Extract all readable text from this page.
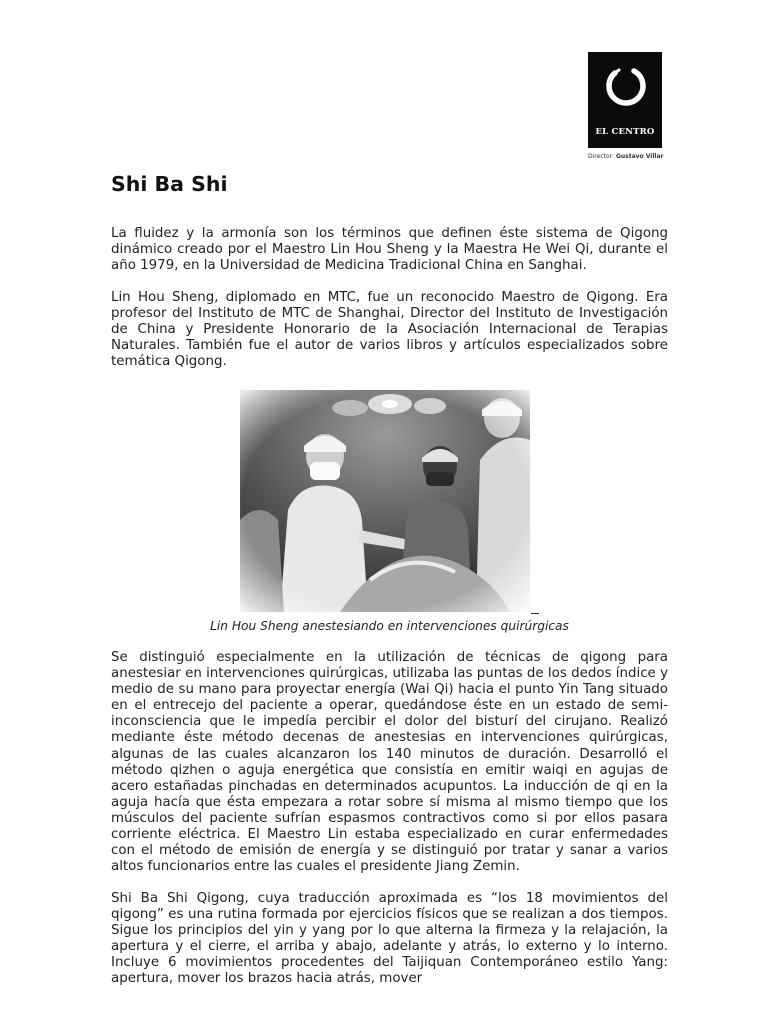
EL CENTRO
Director: Gustavo Villar
Shi Ba Shi

La fluidez y la armonía son los términos que definen éste sistema de Qigong dinámico creado por el Maestro Lin Hou Sheng y la Maestra He Wei Qi, durante el año 1979, en la Universidad de Medicina Tradicional China en Sanghai.

Lin Hou Sheng, diplomado en MTC, fue un reconocido Maestro de Qigong. Era profesor del Instituto de MTC de Shanghai, Director del Instituto de Investigación de China y Presidente Honorario de la Asociación Internacional de Terapias Naturales. También fue el autor de varios libros y artículos especializados sobre temática Qigong.

Lin Hou Sheng anestesiando en intervenciones quirúrgicas

Se distinguió especialmente en la utilización de técnicas de qigong para anestesiar en intervenciones quirúrgicas, utilizaba las puntas de los dedos índice y medio de su mano para proyectar energía (Wai Qi) hacia el punto Yin Tang situado en el entrecejo del paciente a operar, quedándose éste en un estado de semi-inconsciencia que le impedía percibir el dolor del bisturí del cirujano. Realizó mediante éste método decenas de anestesias en intervenciones quirúrgicas, algunas de las cuales alcanzaron los 140 minutos de duración. Desarrolló el método qizhen o aguja energética que consistía en emitir waiqi en agujas de acero estañadas pinchadas en determinados acupuntos. La inducción de qi en la aguja hacía que ésta empezara a rotar sobre sí misma al mismo tiempo que los músculos del paciente sufrían espasmos contractivos como si por ellos pasara corriente eléctrica. El Maestro Lin estaba especializado en curar enfermedades con el método de emisión de energía y se distinguió por tratar y sanar a varios altos funcionarios entre las cuales el presidente Jiang Zemin.

Shi Ba Shi Qigong, cuya traducción aproximada es “los 18 movimientos del qigong” es una rutina formada por ejercicios físicos que se realizan a dos tiempos. Sigue los principios del yin y yang por lo que alterna la firmeza y la relajación, la apertura y el cierre, el arriba y abajo, adelante y atrás, lo externo y lo interno. Incluye 6 movimientos procedentes del Taijiquan Contemporáneo estilo Yang: apertura, mover los brazos hacia atrás, mover
